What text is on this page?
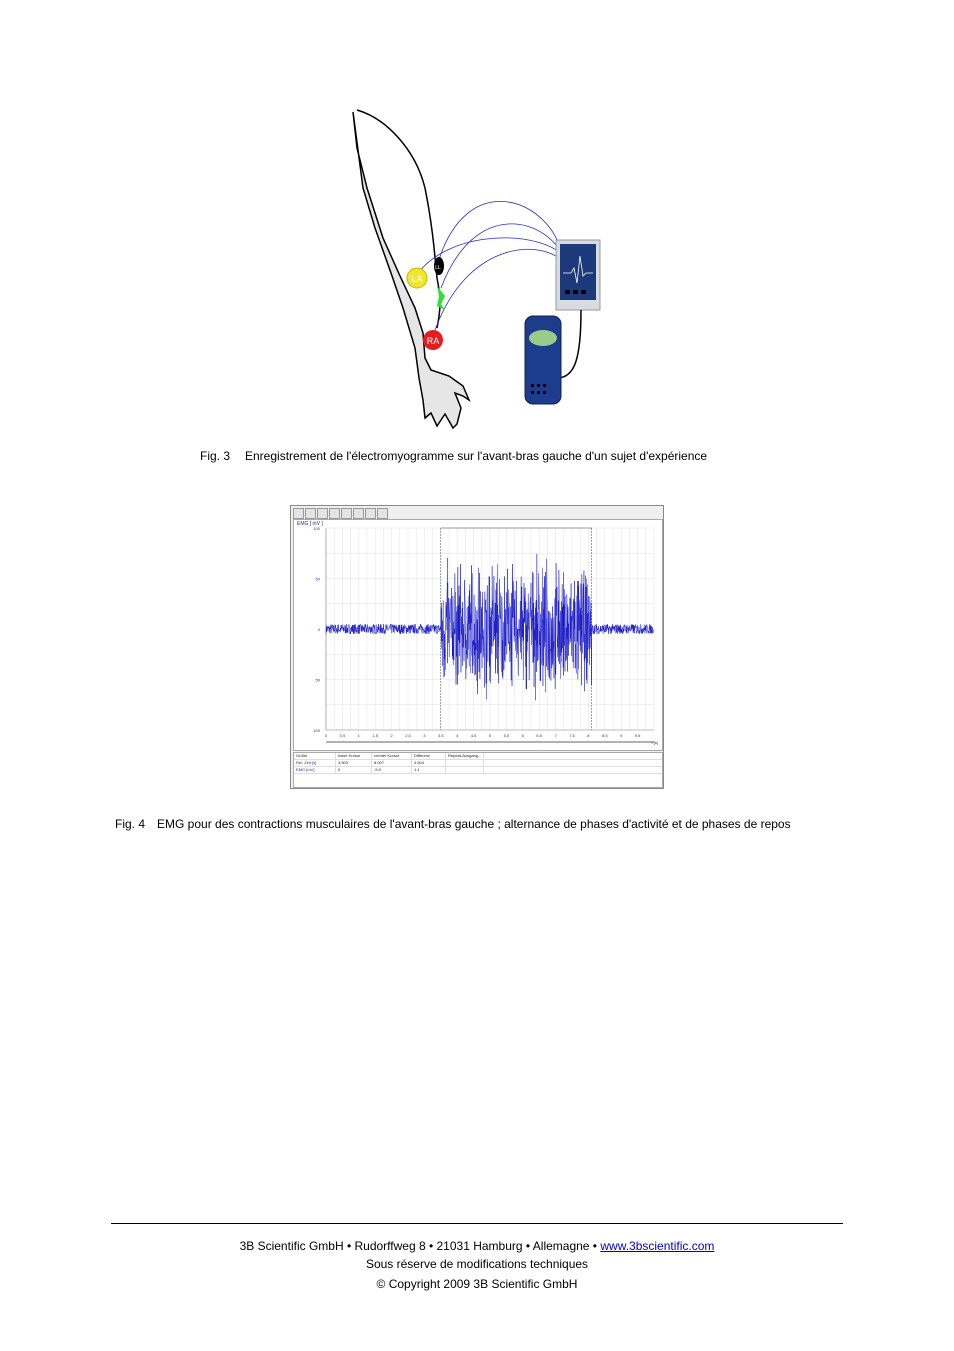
LA
LL
RA
Fig. 3 Enregistrement de l'électromyogramme sur l'avant-bras gauche d'un sujet d'expérience
EMG [ mV ]
100
50
0
50
100
0	0.5	1	1.5	2	2.5	3	3.5	4	4.5	5	5.5	6	6.5	7	7.5	8	8.5	9	9.5
t [s]
Größe	linker Kursor	rechter Kursor	Differenz	Repeat-Ausgang...
Rel. Zeit [s]	3.503	8.007	4.504
EMG [mV]	0	-5.9	1.1
Fig. 4 EMG pour des contractions musculaires de l'avant-bras gauche ; alternance de phases d'activité et de phases de repos
3B Scientific GmbH • Rudorffweg 8 • 21031 Hamburg • Allemagne • www.3bscientific.com
Sous réserve de modifications techniques
© Copyright 2009 3B Scientific GmbH
